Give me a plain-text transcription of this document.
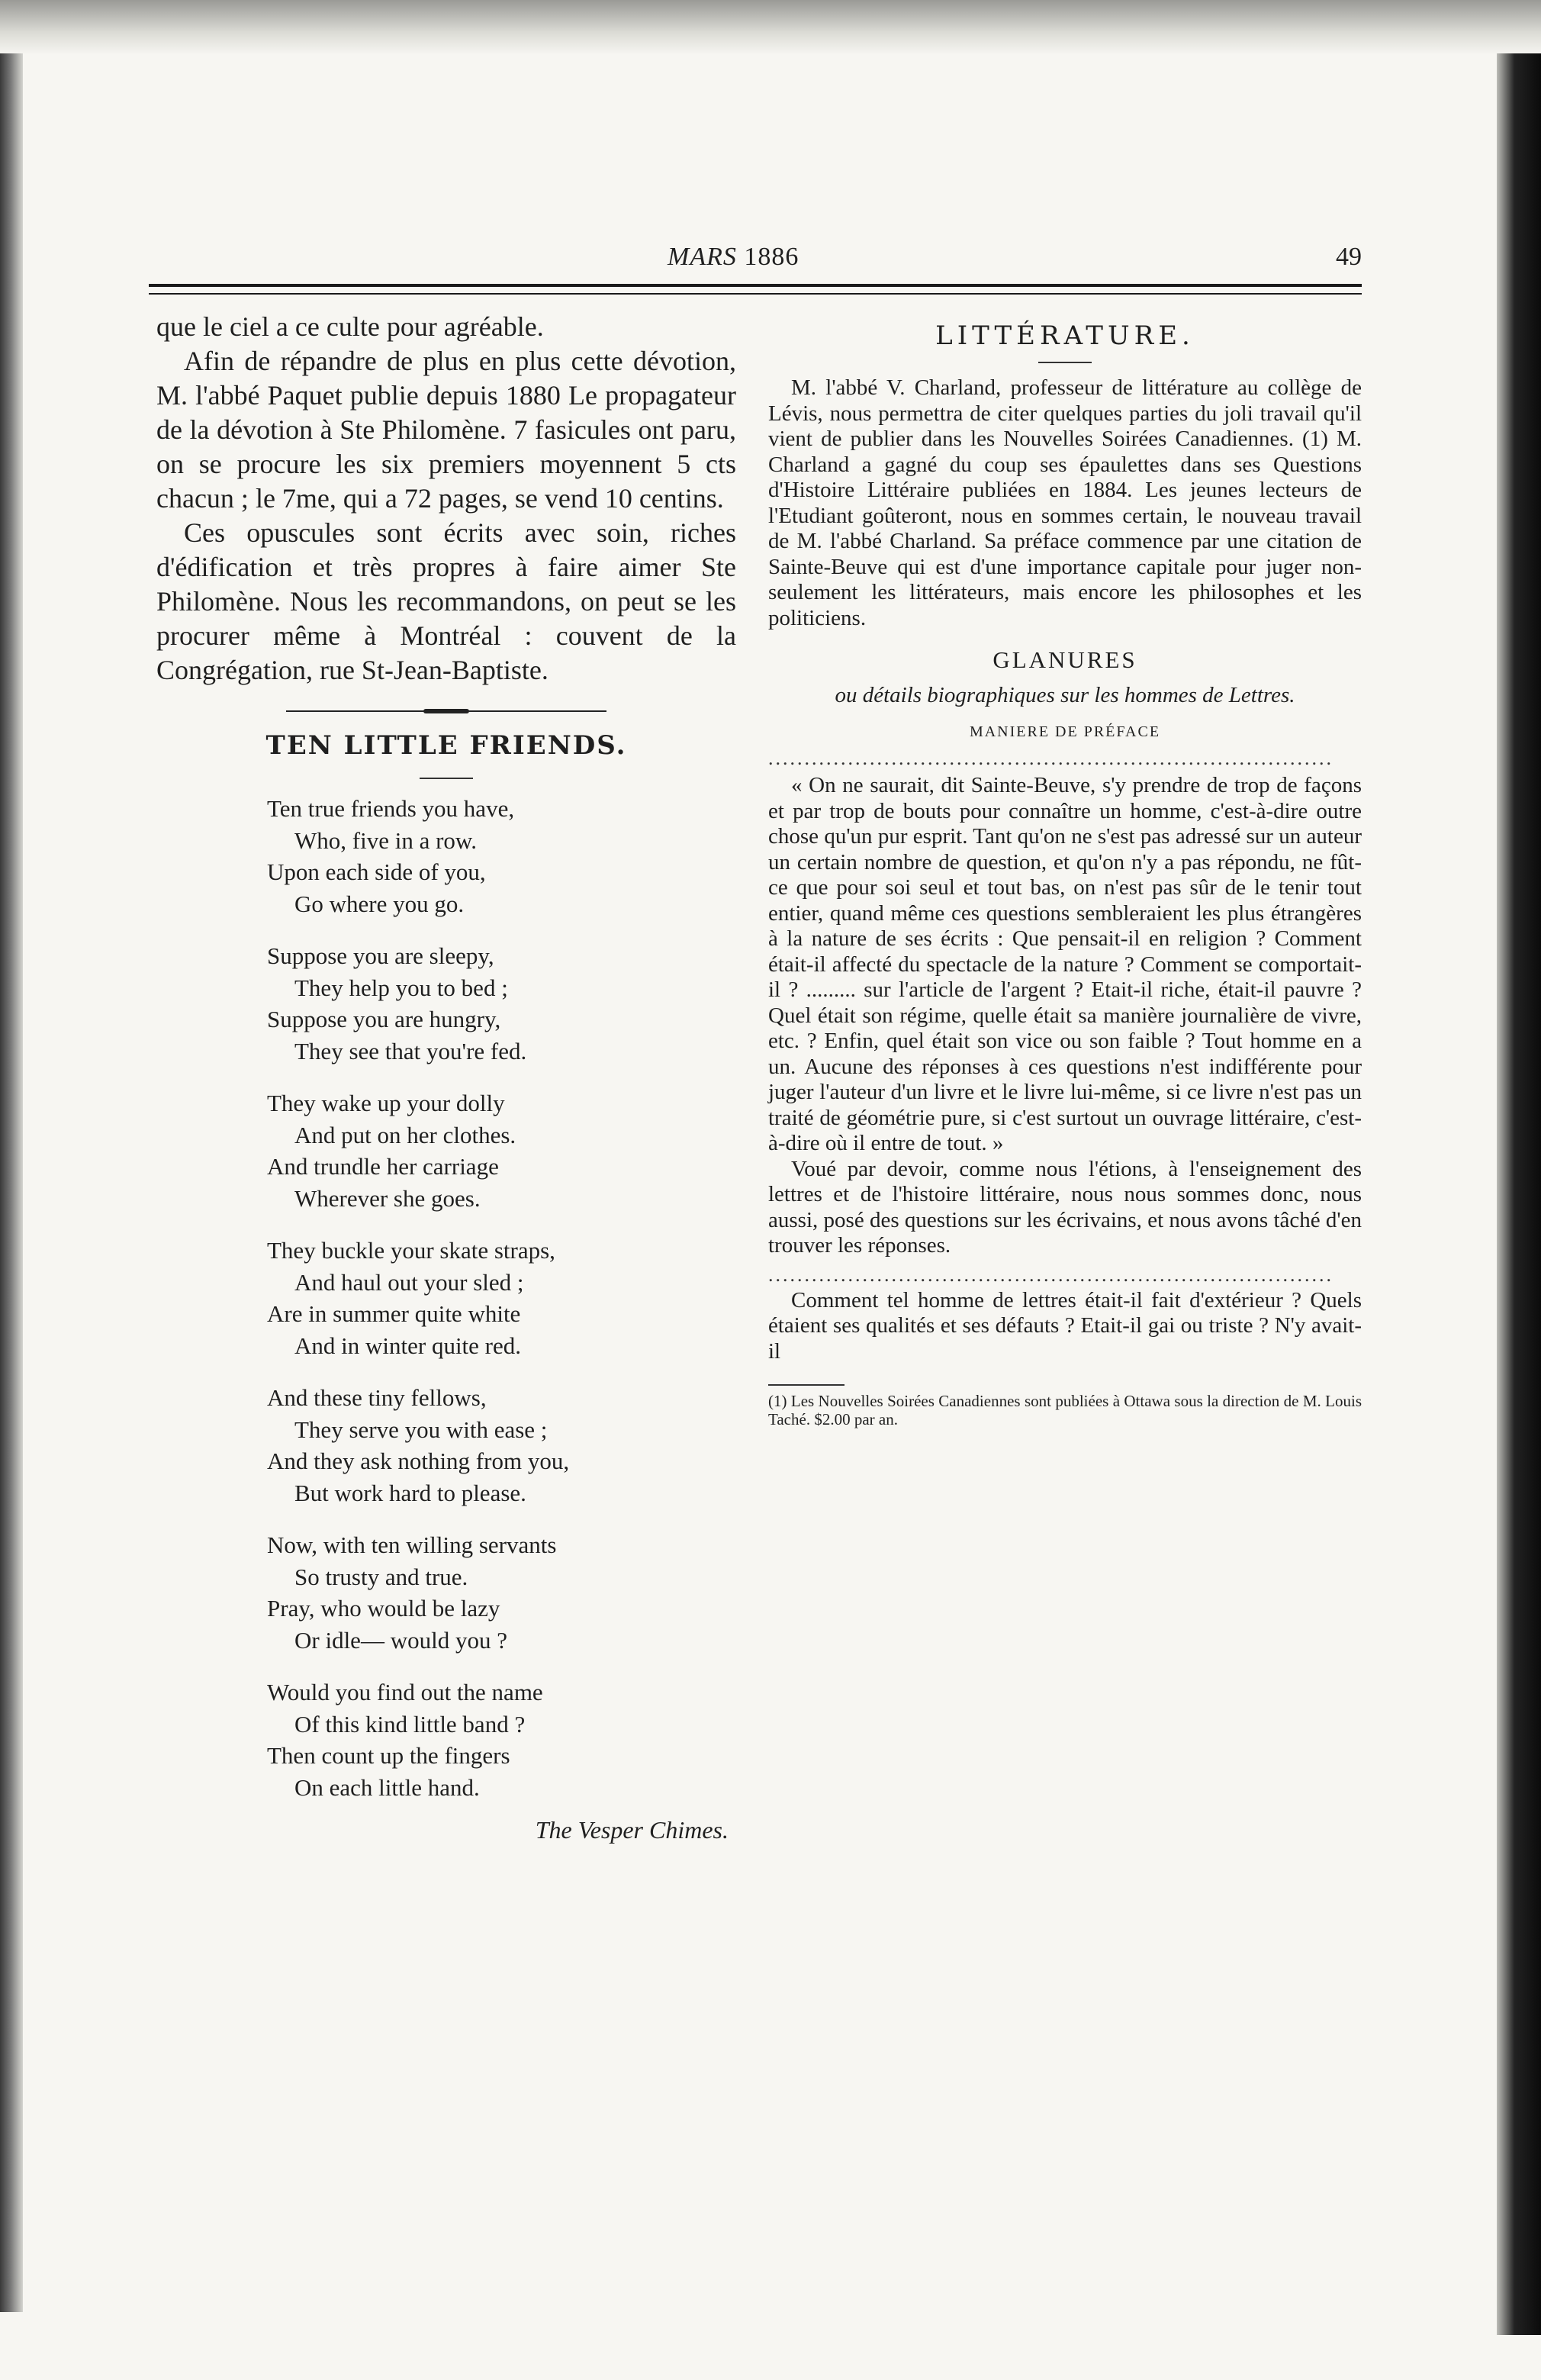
MARS 1886	49

que le ciel a ce culte pour agréable.

Afin de répandre de plus en plus cette dévotion, M. l'abbé Paquet publie depuis 1880 Le propagateur de la dévotion à Ste Philomène. 7 fasicules ont paru, on se procure les six premiers moyennent 5 cts chacun ; le 7me, qui a 72 pages, se vend 10 centins.

Ces opuscules sont écrits avec soin, riches d'édification et très propres à faire aimer Ste Philomène. Nous les recommandons, on peut se les procurer même à Montréal : couvent de la Congrégation, rue St-Jean-Baptiste.

TEN LITTLE FRIENDS.

Ten true friends you have,
Who, five in a row.
Upon each side of you,
Go where you go.
Suppose you are sleepy,
They help you to bed ;
Suppose you are hungry,
They see that you're fed.
They wake up your dolly
And put on her clothes.
And trundle her carriage
Wherever she goes.
They buckle your skate straps,
And haul out your sled ;
Are in summer quite white
And in winter quite red.
And these tiny fellows,
They serve you with ease ;
And they ask nothing from you,
But work hard to please.
Now, with ten willing servants
So trusty and true.
Pray, who would be lazy
Or idle— would you ?
Would you find out the name
Of this kind little band ?
Then count up the fingers
On each little hand.
The Vesper Chimes.

LITTÉRATURE.

M. l'abbé V. Charland, professeur de littérature au collège de Lévis, nous permettra de citer quelques parties du joli travail qu'il vient de publier dans les Nouvelles Soirées Canadiennes. (1) M. Charland a gagné du coup ses épaulettes dans ses Questions d'Histoire Littéraire publiées en 1884. Les jeunes lecteurs de l'Etudiant goûteront, nous en sommes certain, le nouveau travail de M. l'abbé Charland. Sa préface commence par une citation de Sainte-Beuve qui est d'une importance capitale pour juger non-seulement les littérateurs, mais encore les philosophes et les politiciens.

GLANURES
ou détails biographiques sur les hommes de Lettres.
MANIERE DE PRÉFACE
..............................................................................

« On ne saurait, dit Sainte-Beuve, s'y prendre de trop de façons et par trop de bouts pour connaître un homme, c'est-à-dire outre chose qu'un pur esprit. Tant qu'on ne s'est pas adressé sur un auteur un certain nombre de question, et qu'on n'y a pas répondu, ne fût-ce que pour soi seul et tout bas, on n'est pas sûr de le tenir tout entier, quand même ces questions sembleraient les plus étrangères à la nature de ses écrits : Que pensait-il en religion ? Comment était-il affecté du spectacle de la nature ? Comment se comportait-il ? ......... sur l'article de l'argent ? Etait-il riche, était-il pauvre ? Quel était son régime, quelle était sa manière journalière de vivre, etc. ? Enfin, quel était son vice ou son faible ? Tout homme en a un. Aucune des réponses à ces questions n'est indifférente pour juger l'auteur d'un livre et le livre lui-même, si ce livre n'est pas un traité de géométrie pure, si c'est surtout un ouvrage littéraire, c'est-à-dire où il entre de tout. »

Voué par devoir, comme nous l'étions, à l'enseignement des lettres et de l'histoire littéraire, nous nous sommes donc, nous aussi, posé des questions sur les écrivains, et nous avons tâché d'en trouver les réponses.

..............................................................................

Comment tel homme de lettres était-il fait d'extérieur ? Quels étaient ses qualités et ses défauts ? Etait-il gai ou triste ? N'y avait-il

(1) Les Nouvelles Soirées Canadiennes sont publiées à Ottawa sous la direction de M. Louis Taché. $2.00 par an.
